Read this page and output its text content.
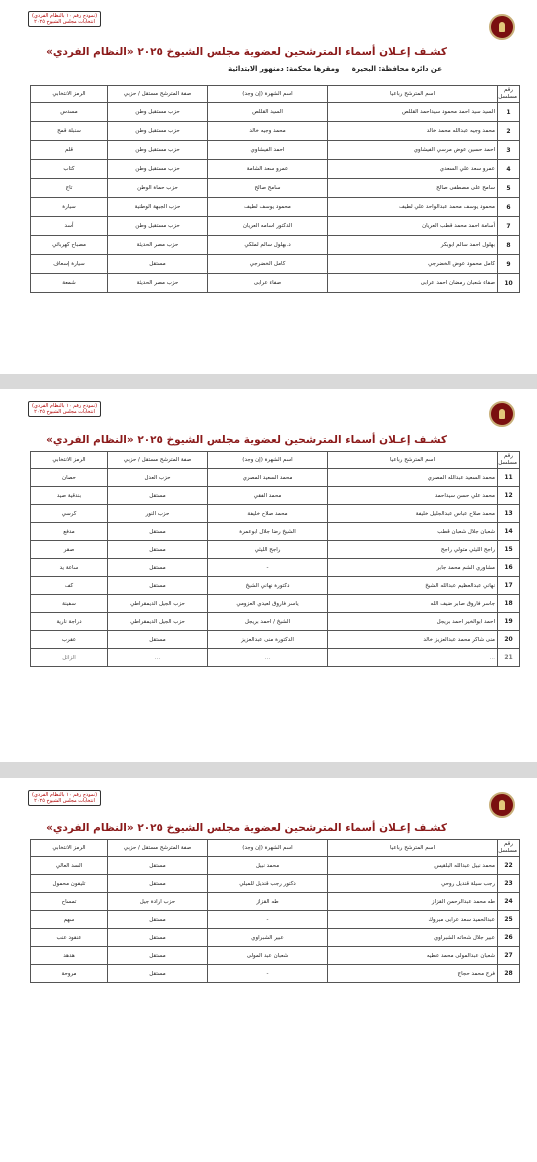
(نموذج رقم ١٠ بالنظام الفردي)
انتخابات مجلس الشيوخ ٢٠٢٥
كشـف إعـلان أسماء المترشحين لعضوية مجلس الشيوخ ٢٠٢٥ «النظام الفردي»
عن دائرة محافظة: البحيرة ومقرها محكمة: دمنهور الابتدائية
رقم مسلسل	اسم المترشح رباعيا	اسم الشهرة (إن وجد)	صفة المترشح مستقل / حزبي	الرمز الانتخابي
1	السيد سيد احمد محمود سيداحمد القللص	السيد القللص	حزب مستقبل وطن	مسدس
2	محمد وجيه عبدالله محمد خالد	محمد وجيه خالد	حزب مستقبل وطن	سنبلة قمح
3	احمد حسين عوض مرسي الفيشاوي	احمد الفيشاوي	حزب مستقبل وطن	قلم
4	عمرو سعد علي السعدي	عمرو سعد الشامة	حزب مستقبل وطن	كتاب
5	سامح على مصطفى صالح	سامح صالح	حزب حماة الوطن	تاج
6	محمود يوسف محمد عبدالواحد علي لطيف	محمود يوسف لطيف	حزب الجبهة الوطنية	سيارة
7	أسامة احمد محمد قطب العريان	الدكتور اسامه العريان	حزب مستقبل وطن	أسد
8	بهلول احمد سالم ابوبكر	د.بهلول سالم لملكي	حزب مصر الحديثة	مصباح كهربائي
9	كامل محمود عوض الخضرجي	كامل الخضرجي	مستقل	سيارة إسعاف
10	صفاء شعبان رمضان احمد عرابى	صفاء عرابى	حزب مصر الحديثة	شمعة
(نموذج رقم ١٠ بالنظام الفردي)
انتخابات مجلس الشيوخ ٢٠٢٥
كشـف إعـلان أسماء المترشحين لعضوية مجلس الشيوخ ٢٠٢٥ «النظام الفردي»
رقم مسلسل	اسم المترشح رباعيا	اسم الشهرة (إن وجد)	صفة المترشح مستقل / حزبي	الرمز الانتخابي
11	محمد السعيد عبدالله المصري	محمد السعيد المصري	حزب العدل	حصان
12	محمد علي حسن سيداحمد	محمد الفقي	مستقل	بندقية صيد
13	محمد صلاح عباس عبدالجليل خليفة	محمد صلاح خليفة	حزب النور	كرسي
14	شعبان جلال شعبان قطب	الشيخ رضا جلال ابوعمرة	مستقل	مدفع
15	راجح الليثي متولي راجح	راجح الليثي	مستقل	صقر
16	مشاوري الشم محمد جابر	-	مستقل	ساعة يد
17	نهاني عبدالعظيم عبدالله الشيخ	دكتورة نهاني الشيخ	مستقل	كف
18	جاسر فاروق صابر ضيف الله	ياسر فاروق لعيدي العزومي	حزب الجيل الديمقراطي	سفينة
19	احمد ابوالخير احمد بريجل	الشيخ / احمد بريجل	حزب الجيل الديمقراطي	دراجة نارية
20	منى شاكر محمد عبدالعزيز خالد	الدكتورة منى عبدالعزيز	مستقل	عقرب
21	...	...	...	الزائل
(نموذج رقم ١٠ بالنظام الفردي)
انتخابات مجلس الشيوخ ٢٠٢٥
كشـف إعـلان أسماء المترشحين لعضوية مجلس الشيوخ ٢٠٢٥ «النظام الفردي»
رقم مسلسل	اسم المترشح رباعيا	اسم الشهرة (إن وجد)	صفة المترشح مستقل / حزبي	الرمز الانتخابي
22	محمد نبيل عبدالله البلقيس	محمد نبيل	مستقل	السد العالي
23	رجب سيلة قنديل روحي	دكتور رجب قنديل للميلي	مستقل	تليفون محمول
24	طه محمد عبدالرحمن القزاز	طه القزاز	حزب ارادة جيل	تمساح
25	عبدالحميد سعد عرابى مبروك	-	مستقل	سهم
26	عبير جلال شحاته الشبراوي	عبير الشبراوي	مستقل	عنقود عنب
27	شعبان عبدالمولى محمد عطيه	شعبان عبد المولى	مستقل	هدهد
28	فرج محمد حجاج	-	مستقل	مروحة
